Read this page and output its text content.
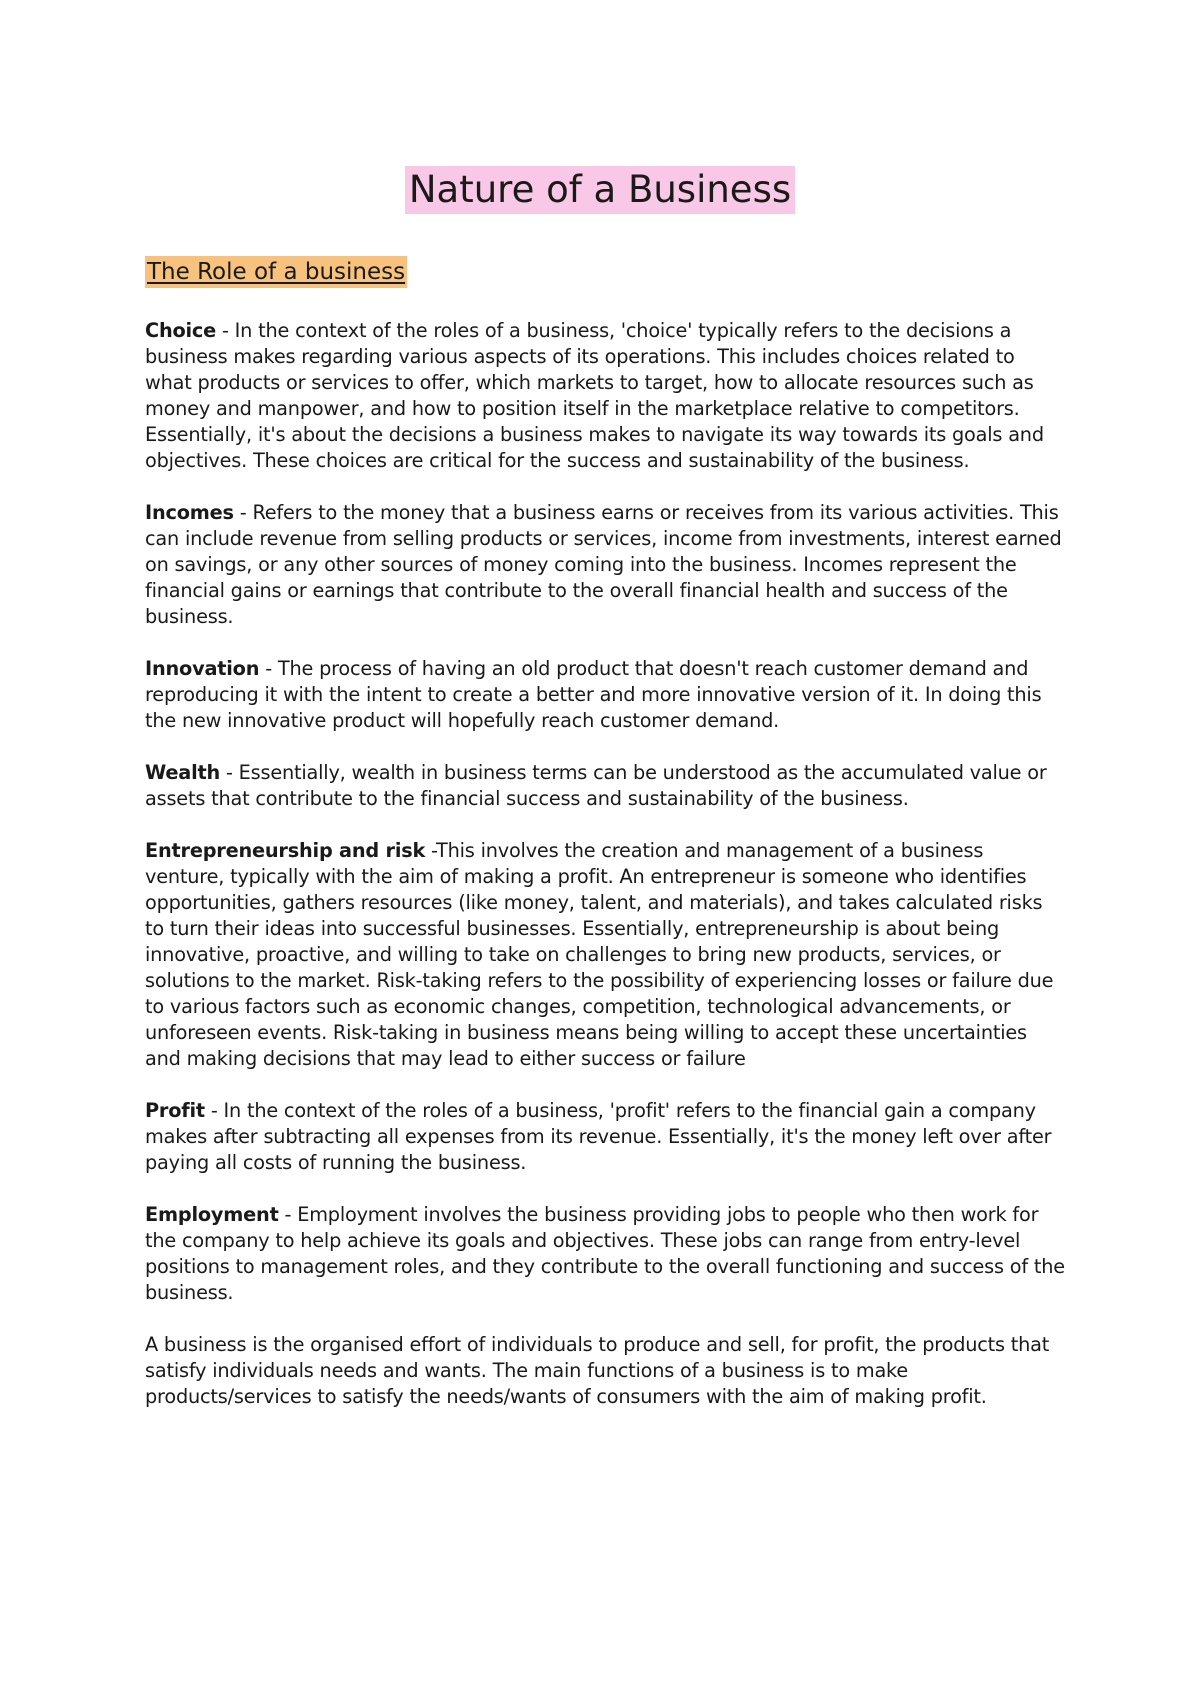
Nature of a Business
The Role of a business

Choice - In the context of the roles of a business, 'choice' typically refers to the decisions a business makes regarding various aspects of its operations. This includes choices related to what products or services to offer, which markets to target, how to allocate resources such as money and manpower, and how to position itself in the marketplace relative to competitors. Essentially, it's about the decisions a business makes to navigate its way towards its goals and objectives. These choices are critical for the success and sustainability of the business.

Incomes - Refers to the money that a business earns or receives from its various activities. This can include revenue from selling products or services, income from investments, interest earned on savings, or any other sources of money coming into the business. Incomes represent the financial gains or earnings that contribute to the overall financial health and success of the business.

Innovation - The process of having an old product that doesn't reach customer demand and reproducing it with the intent to create a better and more innovative version of it. In doing this the new innovative product will hopefully reach customer demand.

Wealth - Essentially, wealth in business terms can be understood as the accumulated value or assets that contribute to the financial success and sustainability of the business.

Entrepreneurship and risk -This involves the creation and management of a business venture, typically with the aim of making a profit. An entrepreneur is someone who identifies opportunities, gathers resources (like money, talent, and materials), and takes calculated risks to turn their ideas into successful businesses. Essentially, entrepreneurship is about being innovative, proactive, and willing to take on challenges to bring new products, services, or solutions to the market. Risk-taking refers to the possibility of experiencing losses or failure due to various factors such as economic changes, competition, technological advancements, or unforeseen events. Risk-taking in business means being willing to accept these uncertainties and making decisions that may lead to either success or failure

Profit - In the context of the roles of a business, 'profit' refers to the financial gain a company makes after subtracting all expenses from its revenue. Essentially, it's the money left over after paying all costs of running the business.

Employment - Employment involves the business providing jobs to people who then work for the company to help achieve its goals and objectives. These jobs can range from entry-level positions to management roles, and they contribute to the overall functioning and success of the business.

A business is the organised effort of individuals to produce and sell, for profit, the products that satisfy individuals needs and wants. The main functions of a business is to make products/services to satisfy the needs/wants of consumers with the aim of making profit.
